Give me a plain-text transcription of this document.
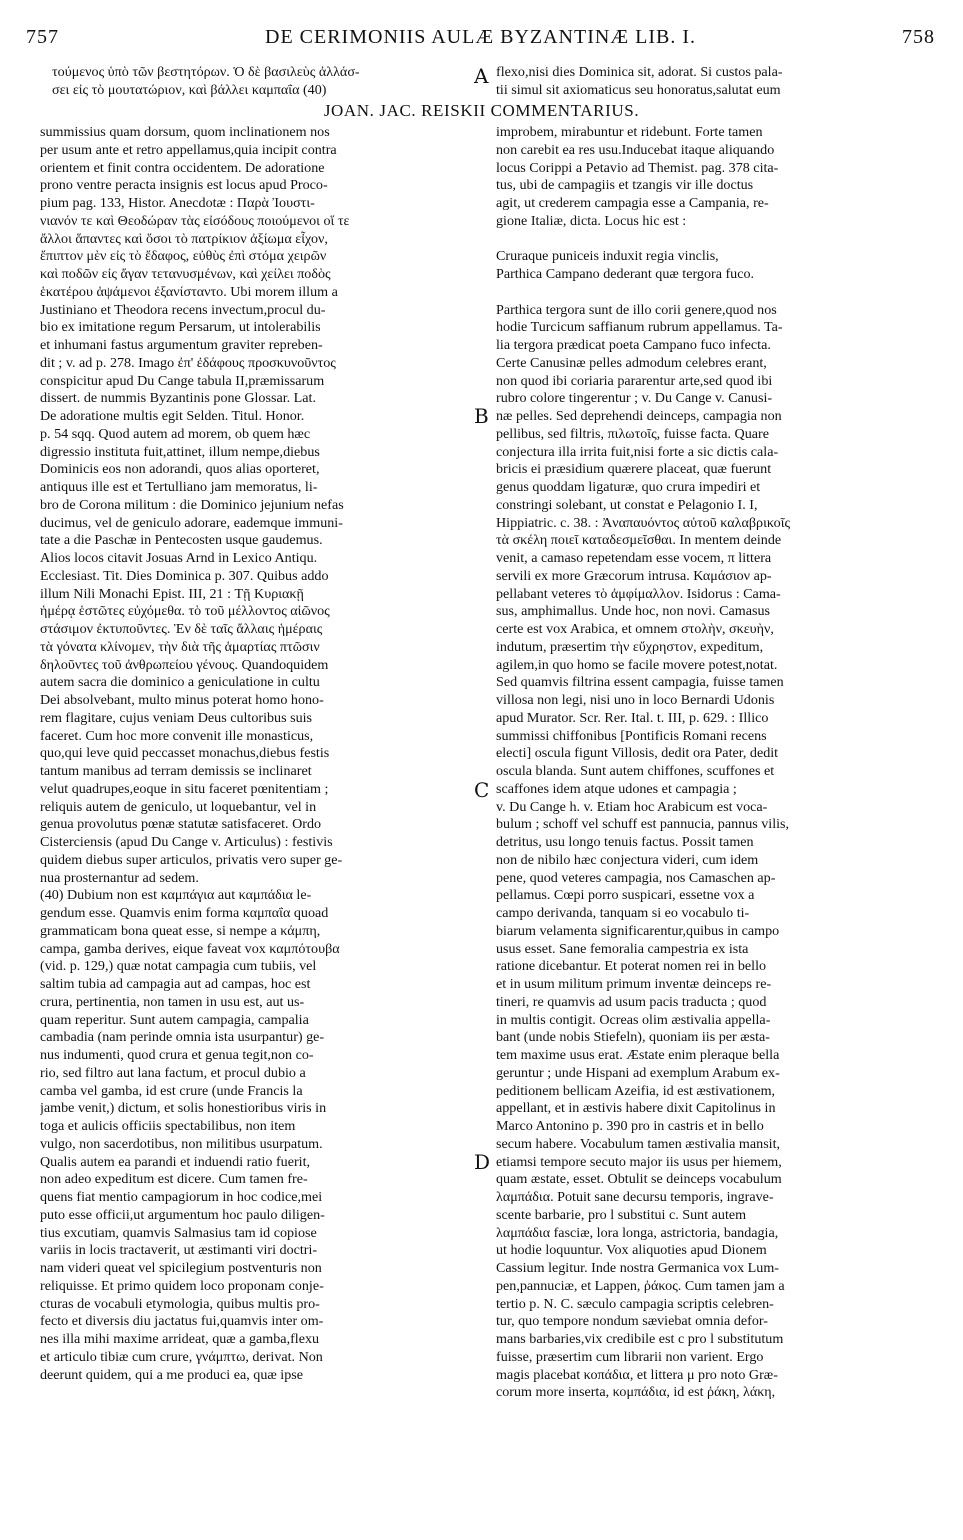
757	DE CERIMONIIS AULÆ BYZANTINÆ LIB. I.	758
τούμενος ὑπὸ τῶν βεστητόρων. Ὁ δὲ βασιλεὺς ἀλλάσ-
σει εἰς τὸ μουτατώριον, καὶ βάλλει καμπαΐα (40)
flexo,nisi dies Dominica sit, adorat. Si custos pala-
tii simul sit axiomaticus seu honoratus,salutat eum
JOAN. JAC. REISKII COMMENTARIUS.
summissius quam dorsum, quom inclinationem nos
per usum ante et retro appellamus,quia incipit contra
orientem et finit contra occidentem. De adoratione
prono ventre peracta insignis est locus apud Proco-
pium pag. 133, Histor. Anecdotæ : Παρὰ Ἰουστι-
νιανόν τε καὶ Θεοδώραν τὰς εἰσόδους ποιούμενοι οἵ τε
ἄλλοι ἅπαντες καὶ ὅσοι τὸ πατρίκιον ἀξίωμα εἶχον,
ἔπιπτον μὲν εἰς τὸ ἔδαφος, εὐθὺς ἐπὶ στόμα χειρῶν
καὶ ποδῶν εἰς ἄγαν τετανυσμένων, καὶ χείλει ποδὸς
ἑκατέρου ἁψάμενοι ἐξανίσταντο. Ubi morem illum a
Justiniano et Theodora recens invectum,procul du-
bio ex imitatione regum Persarum, ut intolerabilis
et inhumani fastus argumentum graviter repreben-
dit ; v. ad p. 278. Imago ἐπ' ἐδάφους προσκυνοῦντος
conspicitur apud Du Cange tabula II,præmissarum
dissert. de nummis Byzantinis pone Glossar. Lat.
De adoratione multis egit Selden. Titul. Honor.
p. 54 sqq. Quod autem ad morem, ob quem hæc
digressio instituta fuit,attinet, illum nempe,diebus
Dominicis eos non adorandi, quos alias oporteret,
antiquus ille est et Tertulliano jam memoratus, li-
bro de Corona militum : die Dominico jejunium nefas
ducimus, vel de geniculo adorare, eademque immuni-
tate a die Paschæ in Pentecosten usque gaudemus.
Alios locos citavit Josuas Arnd in Lexico Antiqu.
Ecclesiast. Tit. Dies Dominica p. 307. Quibus addo
illum Nili Monachi Epist. III, 21 : Τῇ Κυριακῇ
ἡμέρᾳ ἑστῶτες εὐχόμεθα. τὸ τοῦ μέλλοντος αἰῶνος
στάσιμον ἐκτυποῦντες. Ἐν δὲ ταῖς ἄλλαις ἡμέραις
τὰ γόνατα κλίνομεν, τὴν διὰ τῆς ἁμαρτίας πτῶσιν
δηλοῦντες τοῦ ἀνθρωπείου γένους. Quandoquidem
autem sacra die dominico a geniculatione in cultu
Dei absolvebant, multo minus poterat homo hono-
rem flagitare, cujus veniam Deus cultoribus suis
faceret. Cum hoc more convenit ille monasticus,
quo,qui leve quid peccasset monachus,diebus festis
tantum manibus ad terram demissis se inclinaret
velut quadrupes,eoque in situ faceret pœnitentiam ;
reliquis autem de geniculo, ut loquebantur, vel in
genua provolutus pœnæ statutæ satisfaceret. Ordo
Cisterciensis (apud Du Cange v. Articulus) : festivis
quidem diebus super articulos, privatis vero super ge-
nua prosternantur ad sedem.
(40) Dubium non est καμπάγια aut καμπάδια le-
gendum esse. Quamvis enim forma καμπαΐα quoad
grammaticam bona queat esse, si nempe a κάμπη,
campa, gamba derives, eique faveat vox καμπότουβα
(vid. p. 129,) quæ notat campagia cum tubiis, vel
saltim tubia ad campagia aut ad campas, hoc est
crura, pertinentia, non tamen in usu est, aut us-
quam reperitur. Sunt autem campagia, campalia
cambadia (nam perinde omnia ista usurpantur) ge-
nus indumenti, quod crura et genua tegit,non co-
rio, sed filtro aut lana factum, et procul dubio a
camba vel gamba, id est crure (unde Francis la
jambe venit,) dictum, et solis honestioribus viris in
toga et aulicis officiis spectabilibus, non item
vulgo, non sacerdotibus, non militibus usurpatum.
Qualis autem ea parandi et induendi ratio fuerit,
non adeo expeditum est dicere. Cum tamen fre-
quens fiat mentio campagiorum in hoc codice,mei
puto esse officii,ut argumentum hoc paulo diligen-
tius excutiam, quamvis Salmasius tam id copiose
variis in locis tractaverit, ut æstimanti viri doctri-
nam videri queat vel spicilegium postventuris non
reliquisse. Et primo quidem loco proponam conje-
cturas de vocabuli etymologia, quibus multis pro-
fecto et diversis diu jactatus fui,quamvis inter om-
nes illa mihi maxime arrideat, quæ a gamba,flexu
et articulo tibiæ cum crure, γνάμπτω, derivat. Non
deerunt quidem, qui a me produci ea, quæ ipse
improbem, mirabuntur et ridebunt. Forte tamen
non carebit ea res usu.Inducebat itaque aliquando
locus Corippi a Petavio ad Themist. pag. 378 cita-
tus, ubi de campagiis et tzangis vir ille doctus
agit, ut crederem campagia esse a Campania, re-
gione Italiæ, dicta. Locus hic est :

Cruraque puniceis induxit regia vinclis,
Parthica Campano dederant quæ tergora fuco.

Parthica tergora sunt de illo corii genere,quod nos
hodie Turcicum saffianum rubrum appellamus. Ta-
lia tergora prædicat poeta Campano fuco infecta.
Certe Canusinæ pelles admodum celebres erant,
non quod ibi coriaria pararentur arte,sed quod ibi
rubro colore tingerentur ; v. Du Cange v. Canusi-
næ pelles. Sed deprehendi deinceps, campagia non
pellibus, sed filtris, πιλωτοῖς, fuisse facta. Quare
conjectura illa irrita fuit,nisi forte a sic dictis cala-
bricis ei præsidium quærere placeat, quæ fuerunt
genus quoddam ligaturæ, quo crura impediri et
constringi solebant, ut constat e Pelagonio I. I,
Hippiatric. c. 38. : Ἀναπαυόντος αὐτοῦ καλαβρικοῖς
τὰ σκέλη ποιεῖ καταδεσμεῖσθαι. In mentem deinde
venit, a camaso repetendam esse vocem, π littera
servili ex more Græcorum intrusa. Καμάσιον ap-
pellabant veteres τὸ ἀμφίμαλλον. Isidorus : Cama-
sus, amphimallus. Unde hoc, non novi. Camasus
certe est vox Arabica, et omnem στολὴν, σκευὴν,
indutum, præsertim τὴν εὔχρηστον, expeditum,
agilem,in quo homo se facile movere potest,notat.
Sed quamvis filtrina essent campagia, fuisse tamen
villosa non legi, nisi uno in loco Bernardi Udonis
apud Murator. Scr. Rer. Ital. t. III, p. 629. : Illico
summissi chiffonibus [Pontificis Romani recens
electi] oscula figunt Villosis, dedit ora Pater, dedit
oscula blanda. Sunt autem chiffones, scuffones et
scaffones idem atque udones et campagia ;
v. Du Cange h. v. Etiam hoc Arabicum est voca-
bulum ; schoff vel schuff est pannucia, pannus vilis,
detritus, usu longo tenuis factus. Possit tamen
non de nibilo hæc conjectura videri, cum idem
pene, quod veteres campagia, nos Camaschen ap-
pellamus. Cœpi porro suspicari, essetne vox a
campo derivanda, tanquam si eo vocabulo ti-
biarum velamenta significarentur,quibus in campo
usus esset. Sane femoralia campestria ex ista
ratione dicebantur. Et poterat nomen rei in bello
et in usum militum primum inventæ deinceps re-
tineri, re quamvis ad usum pacis traducta ; quod
in multis contigit. Ocreas olim æstivalia appella-
bant (unde nobis Stiefeln), quoniam iis per æsta-
tem maxime usus erat. Æstate enim pleraque bella
geruntur ; unde Hispani ad exemplum Arabum ex-
peditionem bellicam Azeifia, id est æstivationem,
appellant, et in æstivis habere dixit Capitolinus in
Marco Antonino p. 390 pro in castris et in bello
secum habere. Vocabulum tamen æstivalia mansit,
etiamsi tempore secuto major iis usus per hiemem,
quam æstate, esset. Obtulit se deinceps vocabulum
λαμπάδια. Potuit sane decursu temporis, ingrave-
scente barbarie, pro l substitui c. Sunt autem
λαμπάδια fasciæ, lora longa, astrictoria, bandagia,
ut hodie loquuntur. Vox aliquoties apud Dionem
Cassium legitur. Inde nostra Germanica vox Lum-
pen,pannuciæ, et Lappen, ῥάκος. Cum tamen jam a
tertio p. N. C. sæculo campagia scriptis celebren-
tur, quo tempore nondum sæviebat omnia defor-
mans barbaries,vix credibile est c pro l substitutum
fuisse, præsertim cum librarii non varient. Ergo
magis placebat κοπάδια, et littera μ pro noto Græ-
corum more inserta, κομπάδια, id est ῥάκη, λάκη,
A
B
C
D
